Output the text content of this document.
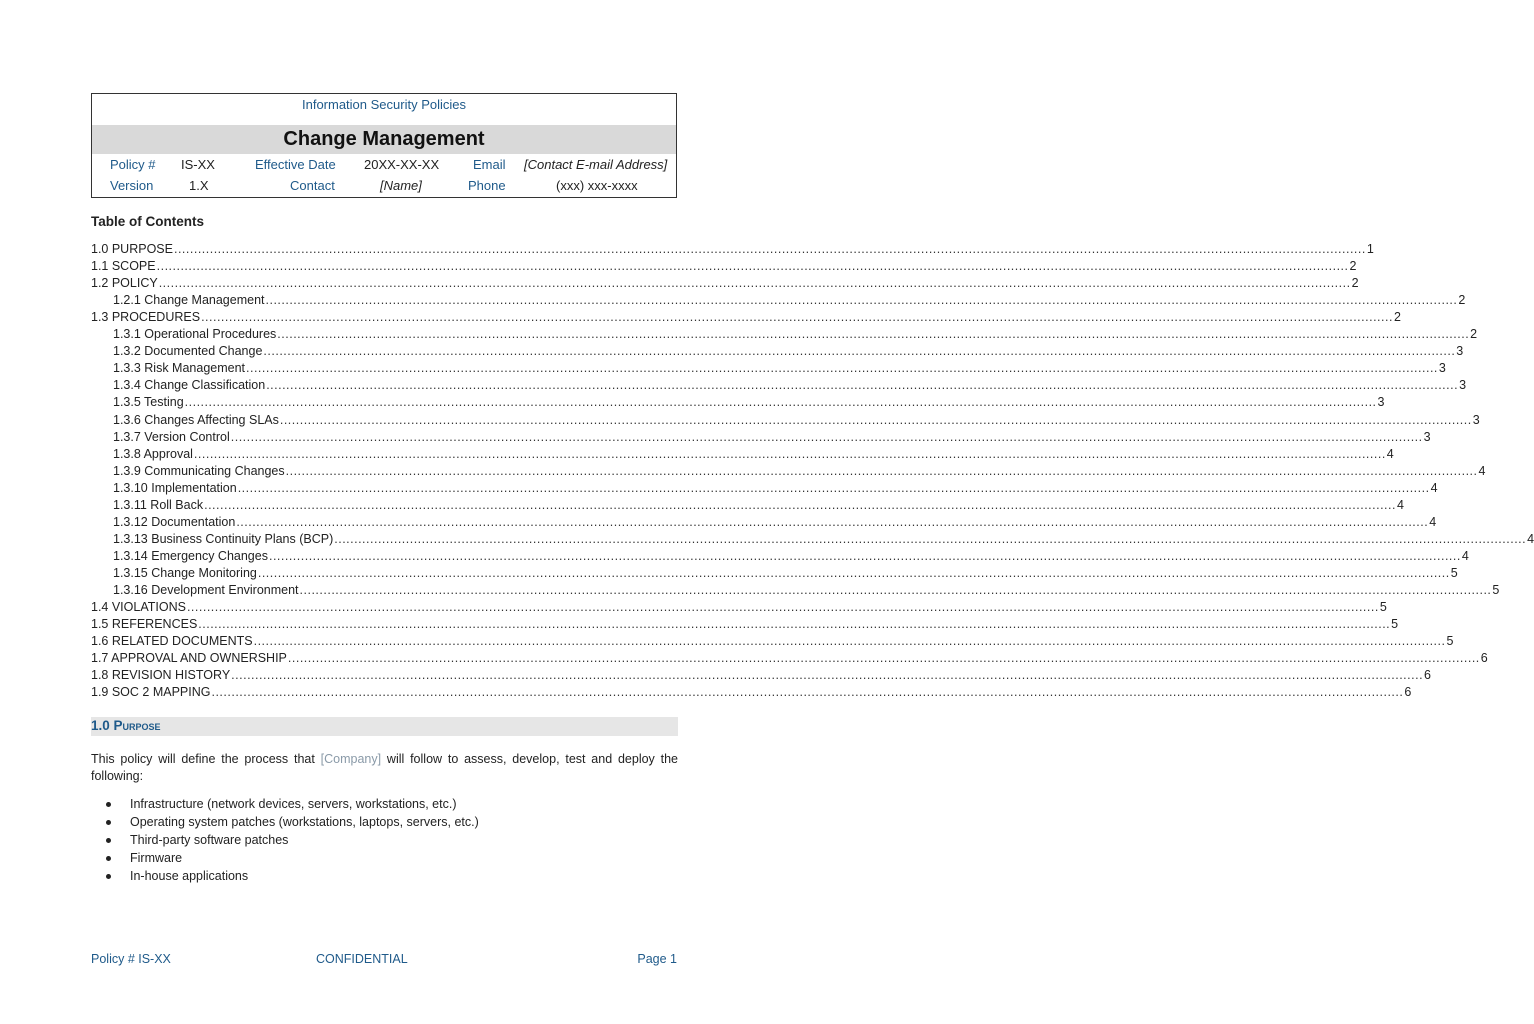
Information Security Policies
Change Management
Policy # IS-XX	Effective Date 20XX-XX-XX	Email [Contact E-mail Address]
Version	1.X	Contact	[Name]	Phone	(xxx) xxx-xxxx
Table of Contents
1.0 PURPOSE ............................................................................................................................................................................................................................................................................................................ 1
1.1 SCOPE ............................................................................................................................................................................................................................................................................................................ 2
1.2 POLICY ............................................................................................................................................................................................................................................................................................................ 2
1.2.1 Change Management ............................................................................................................................................................................................................................................................................................................ 2
1.3 PROCEDURES ............................................................................................................................................................................................................................................................................................................ 2
1.3.1 Operational Procedures ............................................................................................................................................................................................................................................................................................................ 2
1.3.2 Documented Change ............................................................................................................................................................................................................................................................................................................ 3
1.3.3 Risk Management ............................................................................................................................................................................................................................................................................................................ 3
1.3.4 Change Classification ............................................................................................................................................................................................................................................................................................................ 3
1.3.5 Testing ............................................................................................................................................................................................................................................................................................................ 3
1.3.6 Changes Affecting SLAs ............................................................................................................................................................................................................................................................................................................ 3
1.3.7 Version Control ............................................................................................................................................................................................................................................................................................................ 3
1.3.8 Approval ............................................................................................................................................................................................................................................................................................................ 4
1.3.9 Communicating Changes ............................................................................................................................................................................................................................................................................................................ 4
1.3.10 Implementation ............................................................................................................................................................................................................................................................................................................ 4
1.3.11 Roll Back ............................................................................................................................................................................................................................................................................................................ 4
1.3.12 Documentation ............................................................................................................................................................................................................................................................................................................ 4
1.3.13 Business Continuity Plans (BCP) ............................................................................................................................................................................................................................................................................................................ 4
1.3.14 Emergency Changes ............................................................................................................................................................................................................................................................................................................ 4
1.3.15 Change Monitoring ............................................................................................................................................................................................................................................................................................................ 5
1.3.16 Development Environment ............................................................................................................................................................................................................................................................................................................ 5
1.4 VIOLATIONS ............................................................................................................................................................................................................................................................................................................ 5
1.5 REFERENCES ............................................................................................................................................................................................................................................................................................................ 5
1.6 RELATED DOCUMENTS ............................................................................................................................................................................................................................................................................................................ 5
1.7 APPROVAL AND OWNERSHIP ............................................................................................................................................................................................................................................................................................................ 6
1.8 REVISION HISTORY ............................................................................................................................................................................................................................................................................................................ 6
1.9 SOC 2 MAPPING ............................................................................................................................................................................................................................................................................................................ 6
1.0 Purpose
This policy will define the process that [Company] will follow to assess, develop, test and deploy the following:
Infrastructure (network devices, servers, workstations, etc.)
Operating system patches (workstations, laptops, servers, etc.)
Third-party software patches
Firmware
In-house applications
Policy # IS-XX	CONFIDENTIAL	Page 1
